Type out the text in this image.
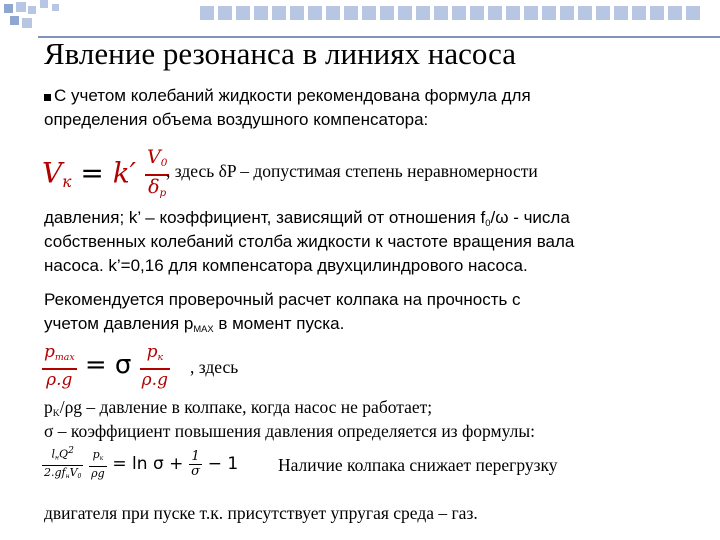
Явление резонанса в линиях насоса
С учетом колебаний жидкости рекомендована формула для
определения объема воздушного компенсатора:
$V_к = k' \frac{V_0}{\delta_p}$
, здесь δP – допустимая степень неравномерности
давления; k’ – коэффициент, зависящий от отношения $f_0/\omega$ - числа
собственных колебаний столба жидкости к частоте вращения вала
насоса. k’=0,16 для компенсатора двухцилиндрового насоса.
Рекомендуется проверочный расчет колпака на прочность с
учетом давления $p_{MAX}$ в момент пуска.
$\frac{p_{max}}{\rho.g} = \sigma \frac{p_к}{\rho.g}$ , здесь
$p_K/\rho g$ – давление в колпаке, когда насос не работает;
σ – коэффициент повышения давления определяется из формулы:
$\frac{l_нQ^2}{2.gf_нV_0}$
$\frac{p_к}{\rho g} = \ln \sigma + \frac{1}{\sigma} - 1$ Наличие колпака снижает перегрузку
двигателя при пуске т.к. присутствует упругая среда – газ.
